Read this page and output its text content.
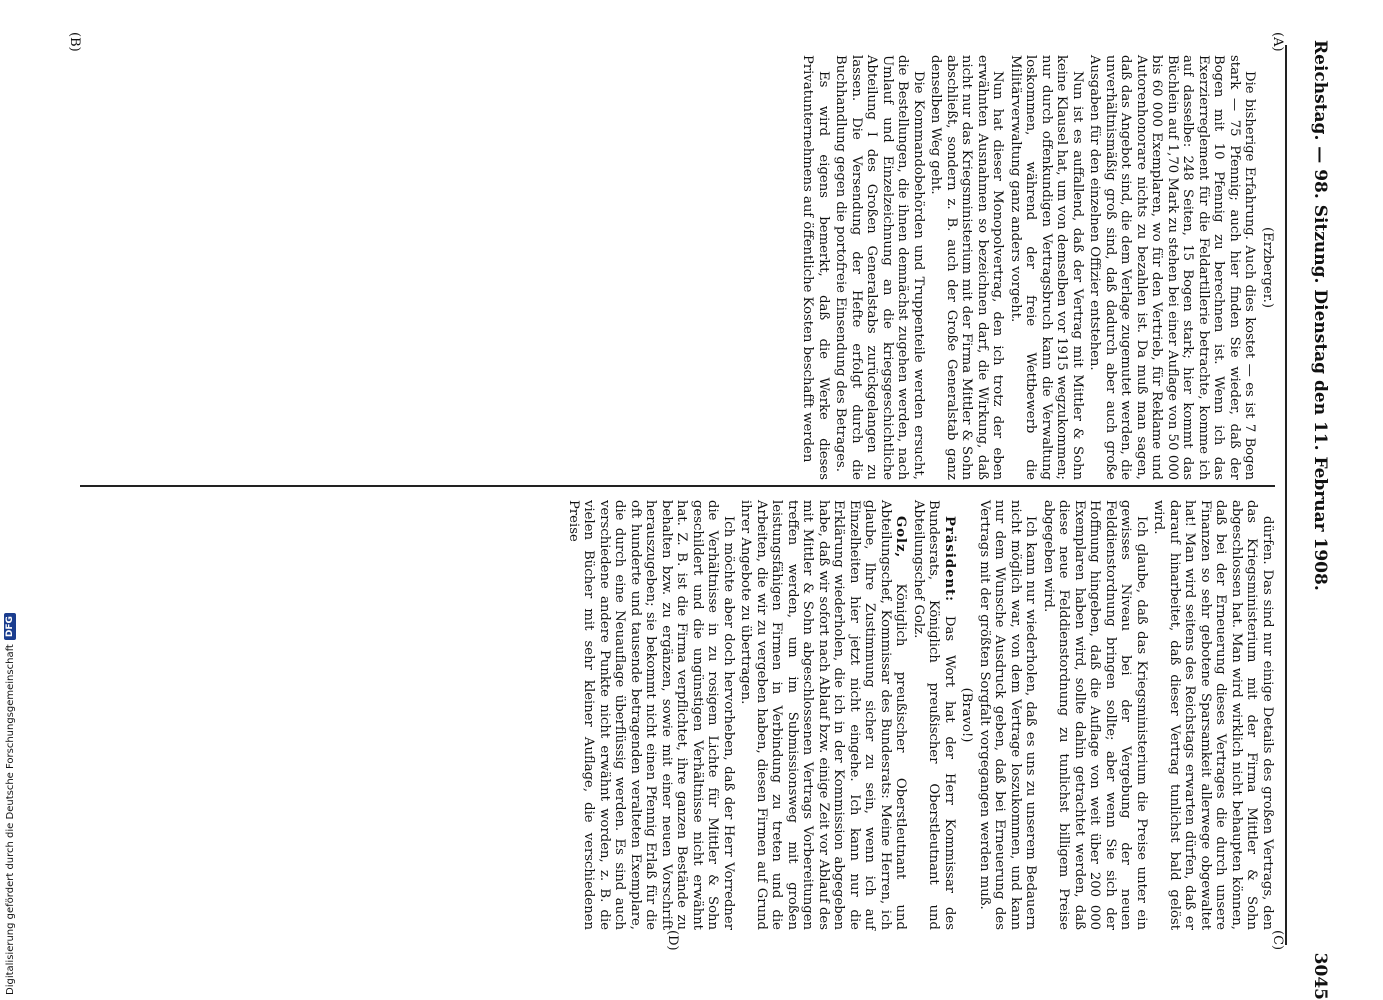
Reichstag. — 98. Sitzung. Dienstag den 11. Februar 1908.
3045
(A)
(B)
(C)
(D)

(Erzberger.)

Die bisherige Erfahrung. Auch dies kostet — es ist 7 Bogen stark — 75 Pfennig; auch hier finden Sie wieder, daß der Bogen mit 10 Pfennig zu berechnen ist. Wenn ich das Exerzierreglement für die Feldartillerie betrachte, komme ich auf dasselbe: 248 Seiten, 15 Bogen stark; hier kommt das Büchlein auf 1,70 Mark zu stehen bei einer Auflage von 50 000 bis 60 000 Exemplaren, wo für den Vertrieb, für Reklame und Autorenhonorare nichts zu bezahlen ist. Da muß man sagen, daß das Angebot sind, die dem Verlage zugemutet werden, die unverhältnismäßig groß sind, daß dadurch aber auch große Ausgaben für den einzelnen Offizier entstehen.

Nun ist es auffallend, daß der Vertrag mit Mittler & Sohn keine Klausel hat, um von demselben vor 1915 wegzukommen; nur durch offenkundigen Vertragsbruch kann die Verwaltung loskommen, während der freie Wettbewerb die Militärverwaltung ganz anders vorgeht.

Nun hat dieser Monopolvertrag, den ich trotz der eben erwähnten Ausnahmen so bezeichnen darf, die Wirkung, daß nicht nur das Kriegsministerium mit der Firma Mittler & Sohn abschließt, sondern z. B. auch der Große Generalstab ganz denselben Weg geht.

Die Kommandobehörden und Truppenteile werden ersucht, die Bestellungen, die ihnen demnächst zugehen werden, nach Umlauf und Einzelzeichnung an die kriegsgeschichtliche Abteilung I des Großen Generalstabs zurückgelangen zu lassen. Die Versendung der Hefte erfolgt durch die Buchhandlung gegen die portofreie Einsendung des Betrages.

Es wird eigens bemerkt, daß die Werke dieses Privatunternehmens auf öffentliche Kosten beschafft werden

dürfen. Das sind nur einige Details des großen Vertrags, den das Kriegsministerium mit der Firma Mittler & Sohn abgeschlossen hat. Man wird wirklich nicht behaupten können, daß bei der Erneuerung dieses Vertrages die durch unsere Finanzen so sehr gebotene Sparsamkeit allerwege obgewaltet hat! Man wird seitens des Reichstags erwarten dürfen, daß er darauf hinarbeitet, daß dieser Vertrag tunlichst bald gelöst wird.

Ich glaube, daß das Kriegsministerium die Preise unter ein gewisses Niveau bei der Vergebung der neuen Felddienstordnung bringen sollte; aber wenn Sie sich der Hoffnung hingeben, daß die Auflage von weit über 200 000 Exemplaren haben wird, sollte dahin getrachtet werden, daß diese neue Felddienstordnung zu tunlichst billigem Preise abgegeben wird.

Ich kann nur wiederholen, daß es uns zu unserem Bedauern nicht möglich war, von dem Vertrage loszukommen, und kann nur dem Wunsche Ausdruck geben, daß bei Erneuerung des Vertrags mit der größten Sorgfalt vorgegangen werden muß.

(Bravo!)

Präsident: Das Wort hat der Herr Kommissar des Bundesrats, Königlich preußischer Oberstleutnant und Abteilungschef Golz.

Golz, Königlich preußischer Oberstleutnant und Abteilungschef, Kommissar des Bundesrats: Meine Herren, ich glaube, Ihre Zustimmung sicher zu sein, wenn ich auf Einzelheiten hier jetzt nicht eingehe. Ich kann nur die Erklärung wiederholen, die ich in der Kommission abgegeben habe, daß wir sofort nach Ablauf bzw. einige Zeit vor Ablauf des mit Mittler & Sohn abgeschlossenen Vertrags Vorbereitungen treffen werden, um im Submissionsweg mit großen leistungsfähigen Firmen in Verbindung zu treten und die Arbeiten, die wir zu vergeben haben, diesen Firmen auf Grund ihrer Angebote zu übertragen.

Ich möchte aber doch hervorheben, daß der Herr Vorredner die Verhältnisse in zu rosigem Lichte für Mittler & Sohn geschildert und die ungünstigen Verhältnisse nicht erwähnt hat. Z. B. ist die Firma verpflichtet, ihre ganzen Bestände zu behalten bzw. zu ergänzen, sowie mit einer neuen Vorschrift herauszugeben; sie bekommt nicht einen Pfennig Erlaß für die oft hunderte und tausende betragenden veralteten Exemplare, die durch eine Neuauflage überflüssig werden. Es sind auch verschiedene andere Punkte nicht erwähnt worden, z. B. die vielen Bücher mit sehr kleiner Auflage, die verschiedenen Preise

Digitalisierung gefördert durch die Deutsche Forschungsgemeinschaft
DFG
